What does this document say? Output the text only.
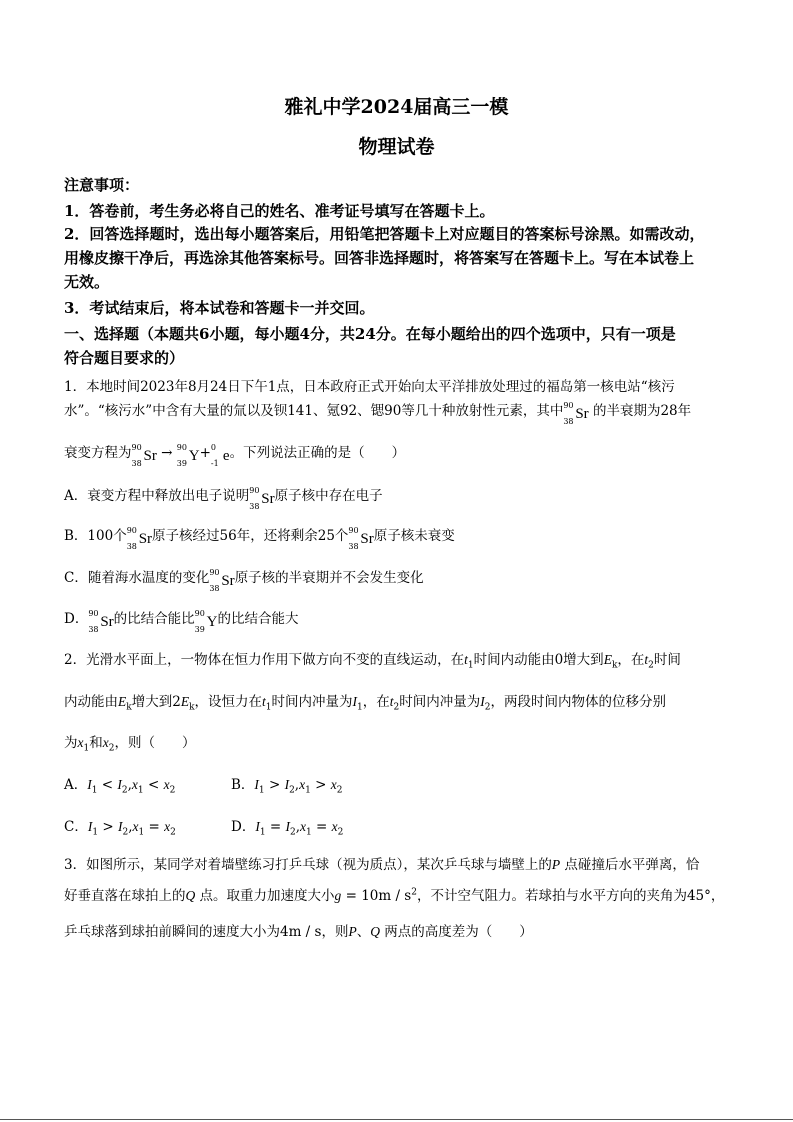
雅礼中学2024届高三一模
物理试卷
注意事项：
1．答卷前，考生务必将自己的姓名、准考证号填写在答题卡上。
2．回答选择题时，选出每小题答案后，用铅笔把答题卡上对应题目的答案标号涂黑。如需改动，
用橡皮擦干净后，再选涂其他答案标号。回答非选择题时，将答案写在答题卡上。写在本试卷上
无效。
3．考试结束后，将本试卷和答题卡一并交回。
一、选择题（本题共6小题，每小题4分，共24分。在每小题给出的四个选项中，只有一项是
符合题目要求的）
1．本地时间2023年8月24日下午1点，日本政府正式开始向太平洋排放处理过的福岛第一核电站“核污
水”。“核污水”中含有大量的氚以及钡141、氪92、锶90等几十种放射性元素，其中 90
38 Sr 的半衰期为28年
衰变方程为 90
38 Sr → 90
39 Y+ 0
-1 e。下列说法正确的是（　　）
A．衰变方程中释放出电子说明 90
38 Sr原子核中存在电子
B．100个 90
38 Sr原子核经过56年，还将剩余25个 90
38 Sr原子核未衰变
C．随着海水温度的变化 90
38 Sr原子核的半衰期并不会发生变化
D． 90
38 Sr的比结合能比 90
39 Y的比结合能大
2．光滑水平面上，一物体在恒力作用下做方向不变的直线运动，在$t_1$时间内动能由0增大到$E_k$，在$t_2$时间
内动能由$E_k$增大到$2E_k$，设恒力在$t_1$时间内冲量为$I_1$，在$t_2$时间内冲量为$I_2$，两段时间内物体的位移分别
为$x_1$和$x_2$，则（　　）
A．$I_1 < I_2,x_1 < x_2$	B．$I_1 > I_2,x_1 > x_2$
C．$I_1 > I_2,x_1 = x_2$	D．$I_1 = I_2,x_1 = x_2$
3．如图所示，某同学对着墙壁练习打乒乓球（视为质点），某次乒乓球与墙壁上的P 点碰撞后水平弹离，恰
好垂直落在球拍上的Q 点。取重力加速度大小$g = 10m / s^2$，不计空气阻力。若球拍与水平方向的夹角为45°，
乒乓球落到球拍前瞬间的速度大小为4m / s，则P、Q 两点的高度差为（　　）
